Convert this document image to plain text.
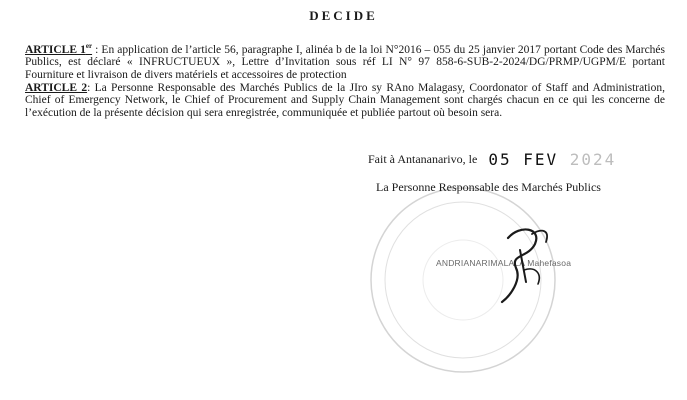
DECIDE

ARTICLE 1er : En application de l’article 56, paragraphe I, alinéa b de la loi N°2016 – 055 du 25 janvier 2017 portant Code des Marchés Publics, est déclaré « INFRUCTUEUX », Lettre d’Invitation sous réf LI N° 97 858-6-SUB-2-2024/DG/PRMP/UGPM/E portant Fourniture et livraison de divers matériels et accessoires de protection

ARTICLE 2: La Personne Responsable des Marchés Publics de la JIro sy RAno Malagasy, Coordonator of Staff and Administration, Chief of Emergency Network, le Chief of Procurement and Supply Chain Management sont chargés chacun en ce qui les concerne de l’exécution de la présente décision qui sera enregistrée, communiquée et publiée partout où besoin sera.

Fait à Antananarivo, le 05 FEV 2024
La Personne Responsable des Marchés Publics
ANDRIANARIMALALA Mahefasoa
